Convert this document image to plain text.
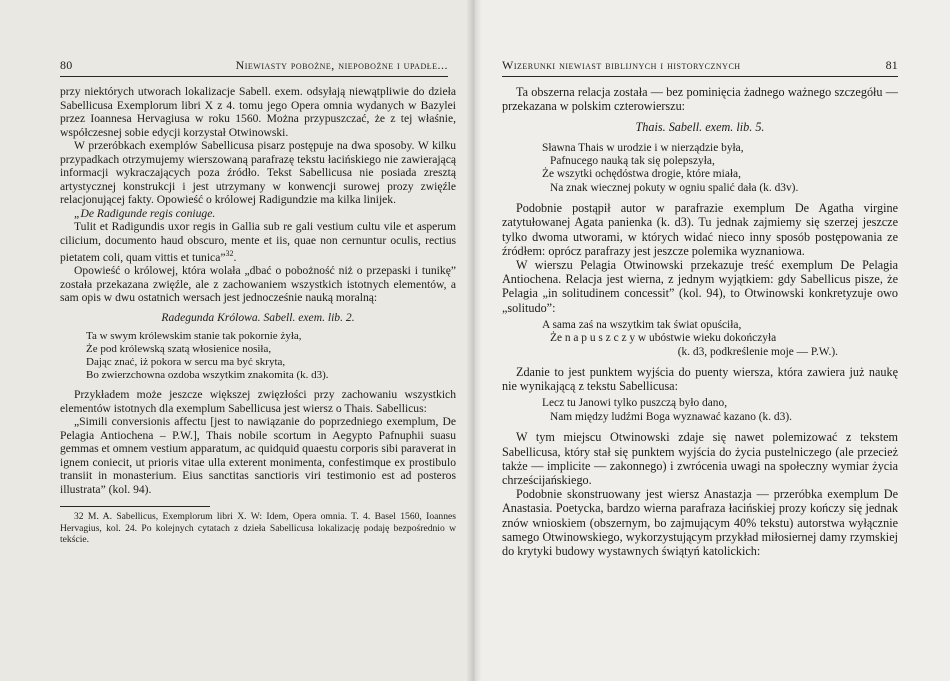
80	Niewiasty pobożne, niepobożne i upadłe...

przy niektórych utworach lokalizacje Sabell. exem. odsyłają niewątpliwie do dzieła Sabellicusa Exemplorum libri X z 4. tomu jego Opera omnia wydanych w Bazylei przez Ioannesa Hervagiusa w roku 1560. Można przypuszczać, że z tej właśnie, współczesnej sobie edycji korzystał Otwinowski.

W przeróbkach exemplów Sabellicusa pisarz postępuje na dwa sposoby. W kilku przypadkach otrzymujemy wierszowaną parafrazę tekstu łacińskiego nie zawierającą informacji wykraczających poza źródło. Tekst Sabellicusa nie posiada zresztą artystycznej konstrukcji i jest utrzymany w konwencji surowej prozy zwięźle relacjonującej fakty. Opowieść o królowej Radigundzie ma kilka linijek.

„De Radigunde regis coniuge.

Tulit et Radigundis uxor regis in Gallia sub re gali vestium cultu vile et asperum cilicium, documento haud obscuro, mente et iis, quae non cernuntur oculis, rectius pietatem coli, quam vittis et tunica”$^{32}$.

Opowieść o królowej, która wolała „dbać o pobożność niż o przepaski i tunikę” została przekazana zwięźle, ale z zachowaniem wszystkich istotnych elementów, a sam opis w dwu ostatnich wersach jest jednocześnie nauką moralną:

Radegunda Królowa. Sabell. exem. lib. 2.

Ta w swym królewskim stanie tak pokornie żyła,
Że pod królewską szatą włosienice nosiła,
Dając znać, iż pokora w sercu ma być skryta,
Bo zwierzchowna ozdoba wszytkim znakomita (k. d3).

Przykładem może jeszcze większej zwięzłości przy zachowaniu wszystkich elementów istotnych dla exemplum Sabellicusa jest wiersz o Thais. Sabellicus:

„Simili conversionis affectu [jest to nawiązanie do poprzedniego exemplum, De Pelagia Antiochena – P.W.], Thais nobile scortum in Aegypto Pafnuphii suasu gemmas et omnem vestium apparatum, ac quidquid quaestu corporis sibi paraverat in ignem coniecit, ut prioris vitae ulla exterent monimenta, confestimque ex prostibulo transiit in monasterium. Eius sanctitas sanctioris viri testimonio est ad posteros illustrata” (kol. 94).

32 M. A. Sabellicus, Exemplorum libri X. W: Idem, Opera omnia. T. 4. Basel 1560, Ioannes Hervagius, kol. 24. Po kolejnych cytatach z dzieła Sabellicusa lokalizację podaję bezpośrednio w tekście.

Wizerunki niewiast biblijnych i historycznych	81

Ta obszerna relacja została — bez pominięcia żadnego ważnego szczegółu — przekazana w polskim czterowierszu:

Thais. Sabell. exem. lib. 5.

Sławna Thais w urodzie i w nierządzie była,
Pafnucego nauką tak się polepszyła,
Że wszytki ochędóstwa drogie, które miała,
Na znak wiecznej pokuty w ogniu spalić dała (k. d3v).

Podobnie postąpił autor w parafrazie exemplum De Agatha virgine zatytułowanej Agata panienka (k. d3). Tu jednak zajmiemy się szerzej jeszcze tylko dwoma utworami, w których widać nieco inny sposób postępowania ze źródłem: oprócz parafrazy jest jeszcze polemika wyznaniowa.

W wierszu Pelagia Otwinowski przekazuje treść exemplum De Pelagia Antiochena. Relacja jest wierna, z jednym wyjątkiem: gdy Sabellicus pisze, że Pelagia „in solitudinem concessit” (kol. 94), to Otwinowski konkretyzuje owo „solitudo”:

A sama zaś na wszytkim tak świat opuściła,
Że n a p u s z c z y w ubóstwie wieku dokończyła
(k. d3, podkreślenie moje — P.W.).

Zdanie to jest punktem wyjścia do puenty wiersza, która zawiera już naukę nie wynikającą z tekstu Sabellicusa:

Lecz tu Janowi tylko puszczą było dano,
Nam między ludźmi Boga wyznawać kazano (k. d3).

W tym miejscu Otwinowski zdaje się nawet polemizować z tekstem Sabellicusa, który stał się punktem wyjścia do życia pustelniczego (ale przecież także — implicite — zakonnego) i zwrócenia uwagi na społeczny wymiar życia chrześcijańskiego.

Podobnie skonstruowany jest wiersz Anastazja — przeróbka exemplum De Anastasia. Poetycka, bardzo wierna parafraza łacińskiej prozy kończy się jednak znów wnioskiem (obszernym, bo zajmującym 40% tekstu) autorstwa wyłącznie samego Otwinowskiego, wykorzystującym przykład miłosiernej damy rzymskiej do krytyki budowy wystawnych świątyń katolickich:
